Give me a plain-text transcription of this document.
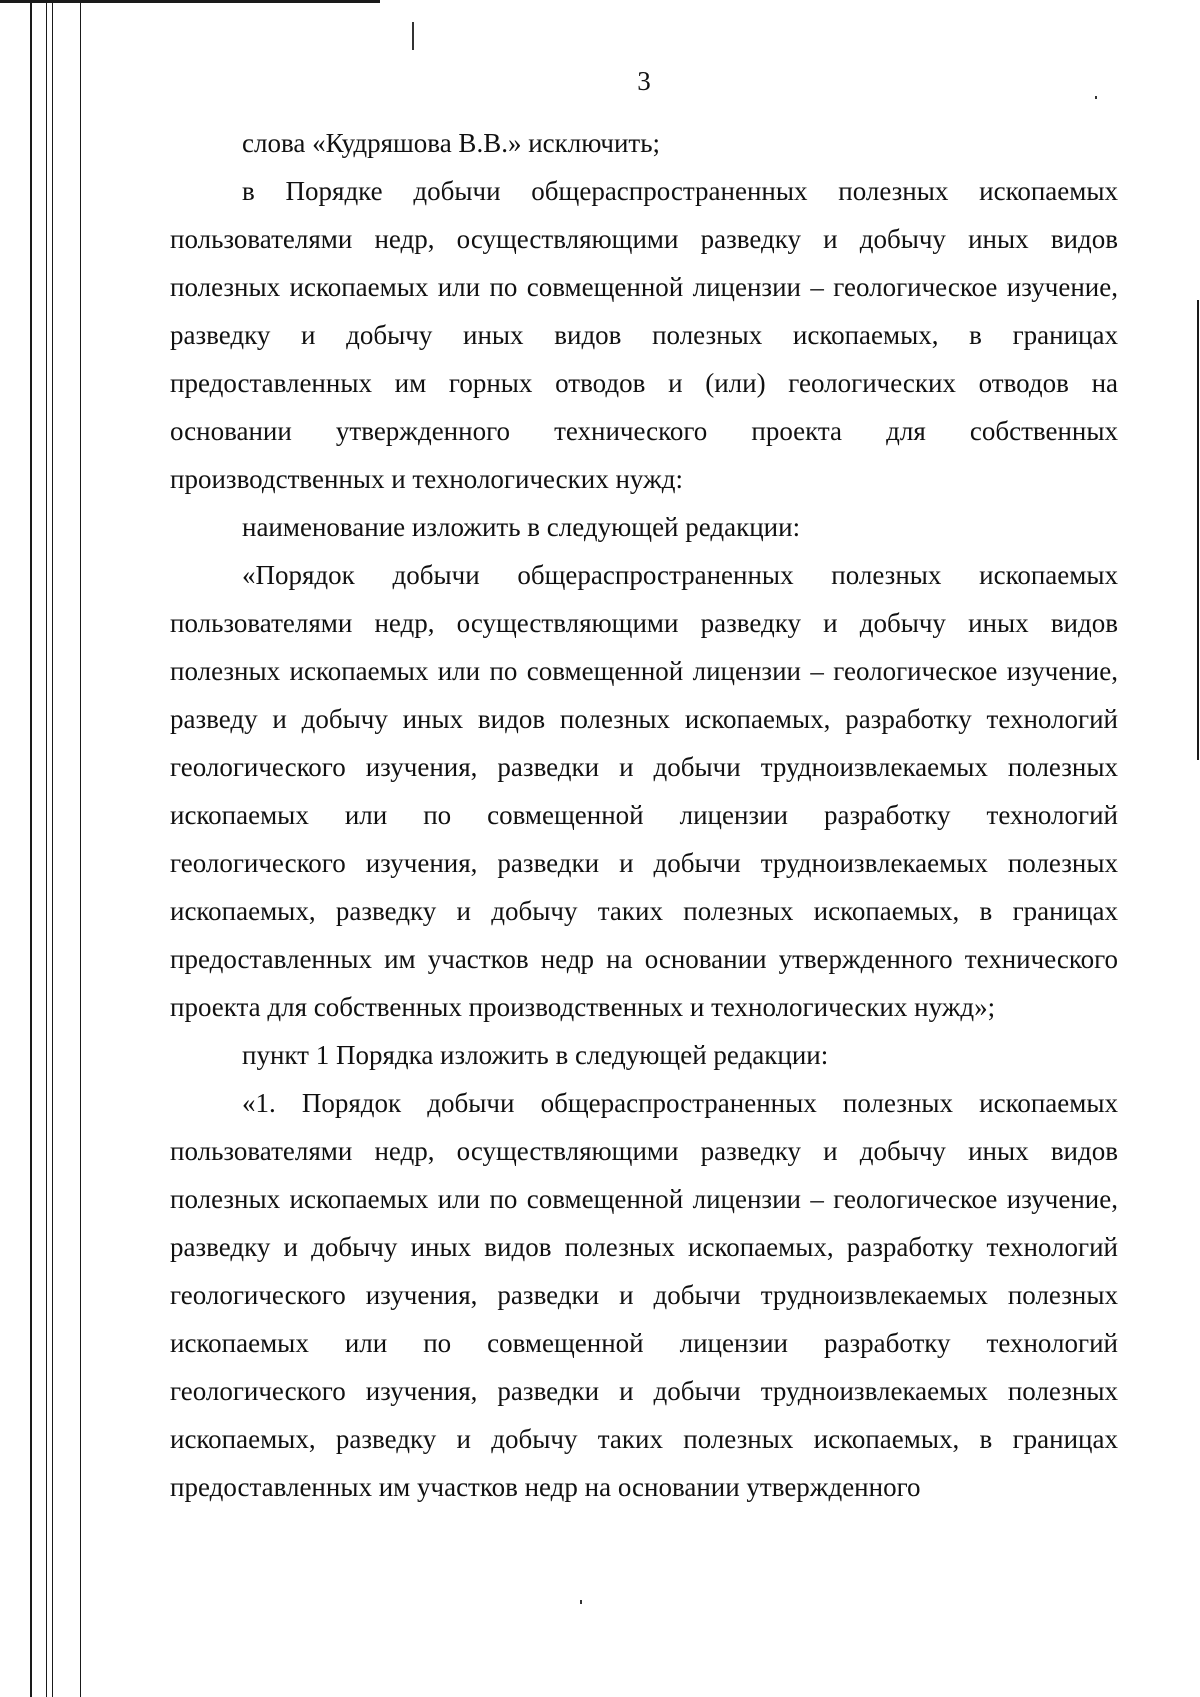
3

слова «Кудряшова В.В.» исключить;

в Порядке добычи общераспространенных полезных ископаемых пользователями недр, осуществляющими разведку и добычу иных видов полезных ископаемых или по совмещенной лицензии – геологическое изучение, разведку и добычу иных видов полезных ископаемых, в границах предоставленных им горных отводов и (или) геологических отводов на основании утвержденного технического проекта для собственных производственных и технологических нужд:

наименование изложить в следующей редакции:

«Порядок добычи общераспространенных полезных ископаемых пользователями недр, осуществляющими разведку и добычу иных видов полезных ископаемых или по совмещенной лицензии – геологическое изучение, разведу и добычу иных видов полезных ископаемых, разработку технологий геологического изучения, разведки и добычи трудноизвлекаемых полезных ископаемых или по совмещенной лицензии разработку технологий геологического изучения, разведки и добычи трудноизвлекаемых полезных ископаемых, разведку и добычу таких полезных ископаемых, в границах предоставленных им участков недр на основании утвержденного технического проекта для собственных производственных и технологических нужд»;

пункт 1 Порядка изложить в следующей редакции:

«1. Порядок добычи общераспространенных полезных ископаемых пользователями недр, осуществляющими разведку и добычу иных видов полезных ископаемых или по совмещенной лицензии – геологическое изучение, разведку и добычу иных видов полезных ископаемых, разработку технологий геологического изучения, разведки и добычи трудноизвлекаемых полезных ископаемых или по совмещенной лицензии разработку технологий геологического изучения, разведки и добычи трудноизвлекаемых полезных ископаемых, разведку и добычу таких полезных ископаемых, в границах предоставленных им участков недр на основании утвержденного
